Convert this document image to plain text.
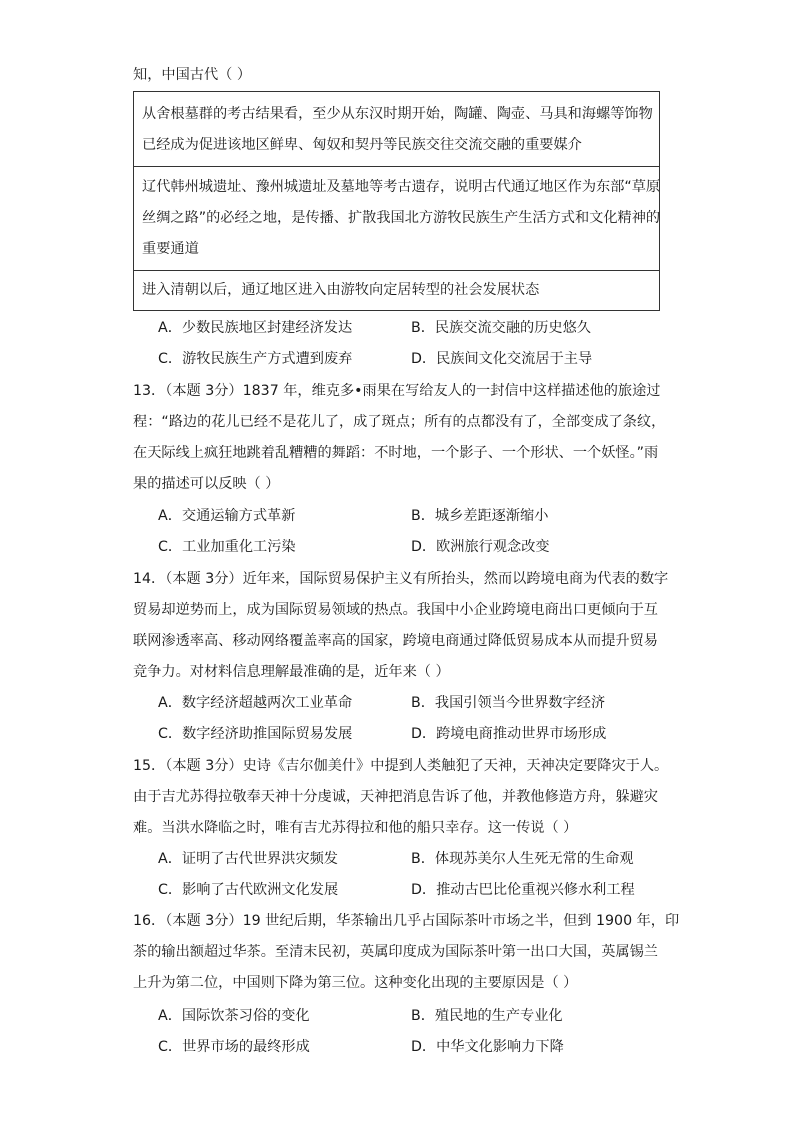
知，中国古代（ ）
从舍根墓群的考古结果看，至少从东汉时期开始，陶罐、陶壶、马具和海螺等饰物
已经成为促进该地区鲜卑、匈奴和契丹等民族交往交流交融的重要媒介
辽代韩州城遗址、豫州城遗址及墓地等考古遗存，说明古代通辽地区作为东部“草原
丝绸之路”的必经之地，是传播、扩散我国北方游牧民族生产生活方式和文化精神的
重要通道
进入清朝以后，通辽地区进入由游牧向定居转型的社会发展状态
A．少数民族地区封建经济发达	B．民族交流交融的历史悠久
C．游牧民族生产方式遭到废弃	D．民族间文化交流居于主导
13．（本题 3分）1837 年，维克多•雨果在写给友人的一封信中这样描述他的旅途过
程：“路边的花儿已经不是花儿了，成了斑点；所有的点都没有了，全部变成了条纹，
在天际线上疯狂地跳着乱糟糟的舞蹈：不时地，一个影子、一个形状、一个妖怪。”雨
果的描述可以反映（ ）
A．交通运输方式革新	B．城乡差距逐渐缩小
C．工业加重化工污染	D．欧洲旅行观念改变
14．（本题 3分）近年来，国际贸易保护主义有所抬头，然而以跨境电商为代表的数字
贸易却逆势而上，成为国际贸易领域的热点。我国中小企业跨境电商出口更倾向于互
联网渗透率高、移动网络覆盖率高的国家，跨境电商通过降低贸易成本从而提升贸易
竞争力。对材料信息理解最准确的是，近年来（ ）
A．数字经济超越两次工业革命	B．我国引领当今世界数字经济
C．数字经济助推国际贸易发展	D．跨境电商推动世界市场形成
15．（本题 3分）史诗《吉尔伽美什》中提到人类触犯了天神，天神决定要降灾于人。
由于吉尤苏得拉敬奉天神十分虔诚，天神把消息告诉了他，并教他修造方舟，躲避灾
难。当洪水降临之时，唯有吉尤苏得拉和他的船只幸存。这一传说（ ）
A．证明了古代世界洪灾频发	B．体现苏美尔人生死无常的生命观
C．影响了古代欧洲文化发展	D．推动古巴比伦重视兴修水利工程
16．（本题 3分）19 世纪后期，华茶输出几乎占国际茶叶市场之半，但到 1900 年，印
茶的输出额超过华茶。至清末民初，英属印度成为国际茶叶第一出口大国，英属锡兰
上升为第二位，中国则下降为第三位。这种变化出现的主要原因是（ ）
A．国际饮茶习俗的变化	B．殖民地的生产专业化
C．世界市场的最终形成	D．中华文化影响力下降
